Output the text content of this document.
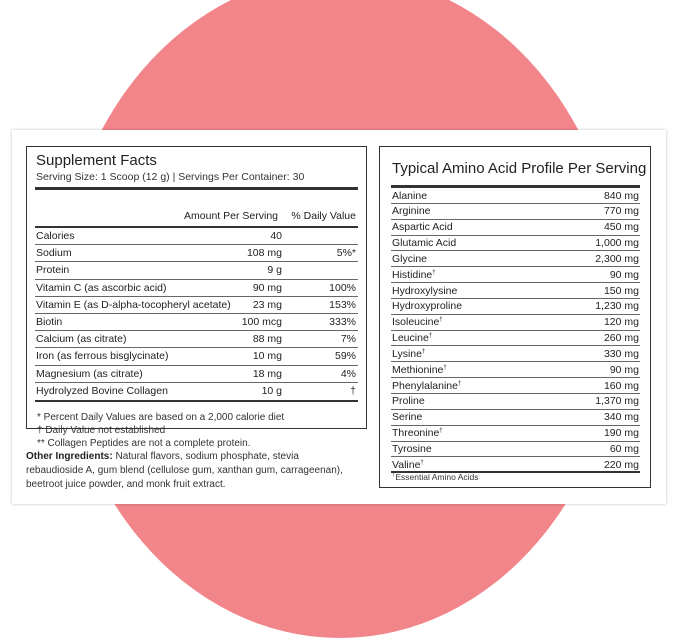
Supplement Facts
Serving Size: 1 Scoop (12 g) | Servings Per Container: 30
Amount Per Serving % Daily Value
Calories	40
Sodium	108 mg	5%*
Protein	9 g
Vitamin C (as ascorbic acid)	90 mg	100%
Vitamin E (as D-alpha-tocopheryl acetate) 23 mg	153%
Biotin	100 mcg	333%
Calcium (as citrate)	88 mg	7%
Iron (as ferrous bisglycinate)	10 mg	59%
Magnesium (as citrate)	18 mg	4%
Hydrolyzed Bovine Collagen	10 g	†
* Percent Daily Values are based on a 2,000 calorie diet
† Daily Value not established
** Collagen Peptides are not a complete protein.
Other Ingredients: Natural flavors, sodium phosphate, stevia rebaudioside A, gum blend (cellulose gum, xanthan gum, carrageenan), beetroot juice powder, and monk fruit extract.
Typical Amino Acid Profile Per Serving
Alanine	840 mg
Arginine	770 mg
Aspartic Acid	450 mg
Glutamic Acid	1,000 mg
Glycine	2,300 mg
Histidine†	90 mg
Hydroxylysine	150 mg
Hydroxyproline	1,230 mg
Isoleucine†	120 mg
Leucine†	260 mg
Lysine†	330 mg
Methionine†	90 mg
Phenylalanine†	160 mg
Proline	1,370 mg
Serine	340 mg
Threonine†	190 mg
Tyrosine	60 mg
Valine†	220 mg
†Essential Amino Acids
